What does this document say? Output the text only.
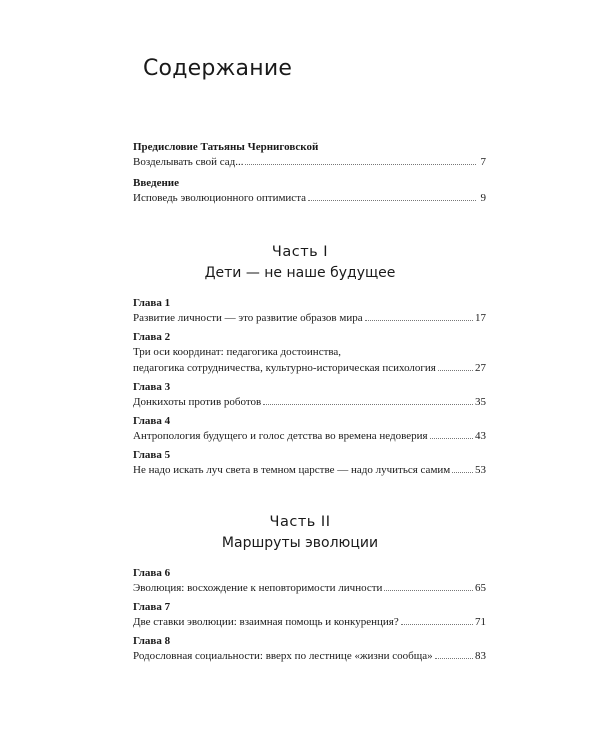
Содержание
Предисловие Татьяны Черниговской
Возделывать свой сад...	7
Введение
Исповедь эволюционного оптимиста	9
Часть I
Дети — не наше будущее
Глава 1
Развитие личности — это развитие образов мира	17
Глава 2
Три оси координат: педагогика достоинства,
педагогика сотрудничества, культурно-историческая психология	27
Глава 3
Донкихоты против роботов	35
Глава 4
Антропология будущего и голос детства во времена недоверия	43
Глава 5
Не надо искать луч света в темном царстве — надо лучиться самим 53
Часть II
Маршруты эволюции
Глава 6
Эволюция: восхождение к неповторимости личности	65
Глава 7
Две ставки эволюции: взаимная помощь и конкуренция?	71
Глава 8
Родословная социальности: вверх по лестнице «жизни сообща»	83
